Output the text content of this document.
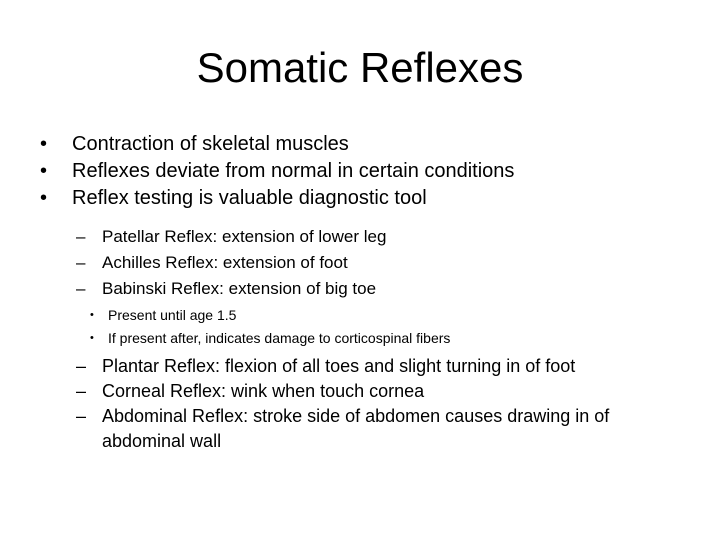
Somatic Reflexes
• Contraction of skeletal muscles
• Reflexes deviate from normal in certain conditions
• Reflex testing is valuable diagnostic tool
– Patellar Reflex: extension of lower leg
– Achilles Reflex: extension of foot
– Babinski Reflex: extension of big toe
• Present until age 1.5
• If present after, indicates damage to corticospinal fibers
– Plantar Reflex: flexion of all toes and slight turning in of foot
– Corneal Reflex: wink when touch cornea
– Abdominal Reflex: stroke side of abdomen causes drawing in of abdominal wall
